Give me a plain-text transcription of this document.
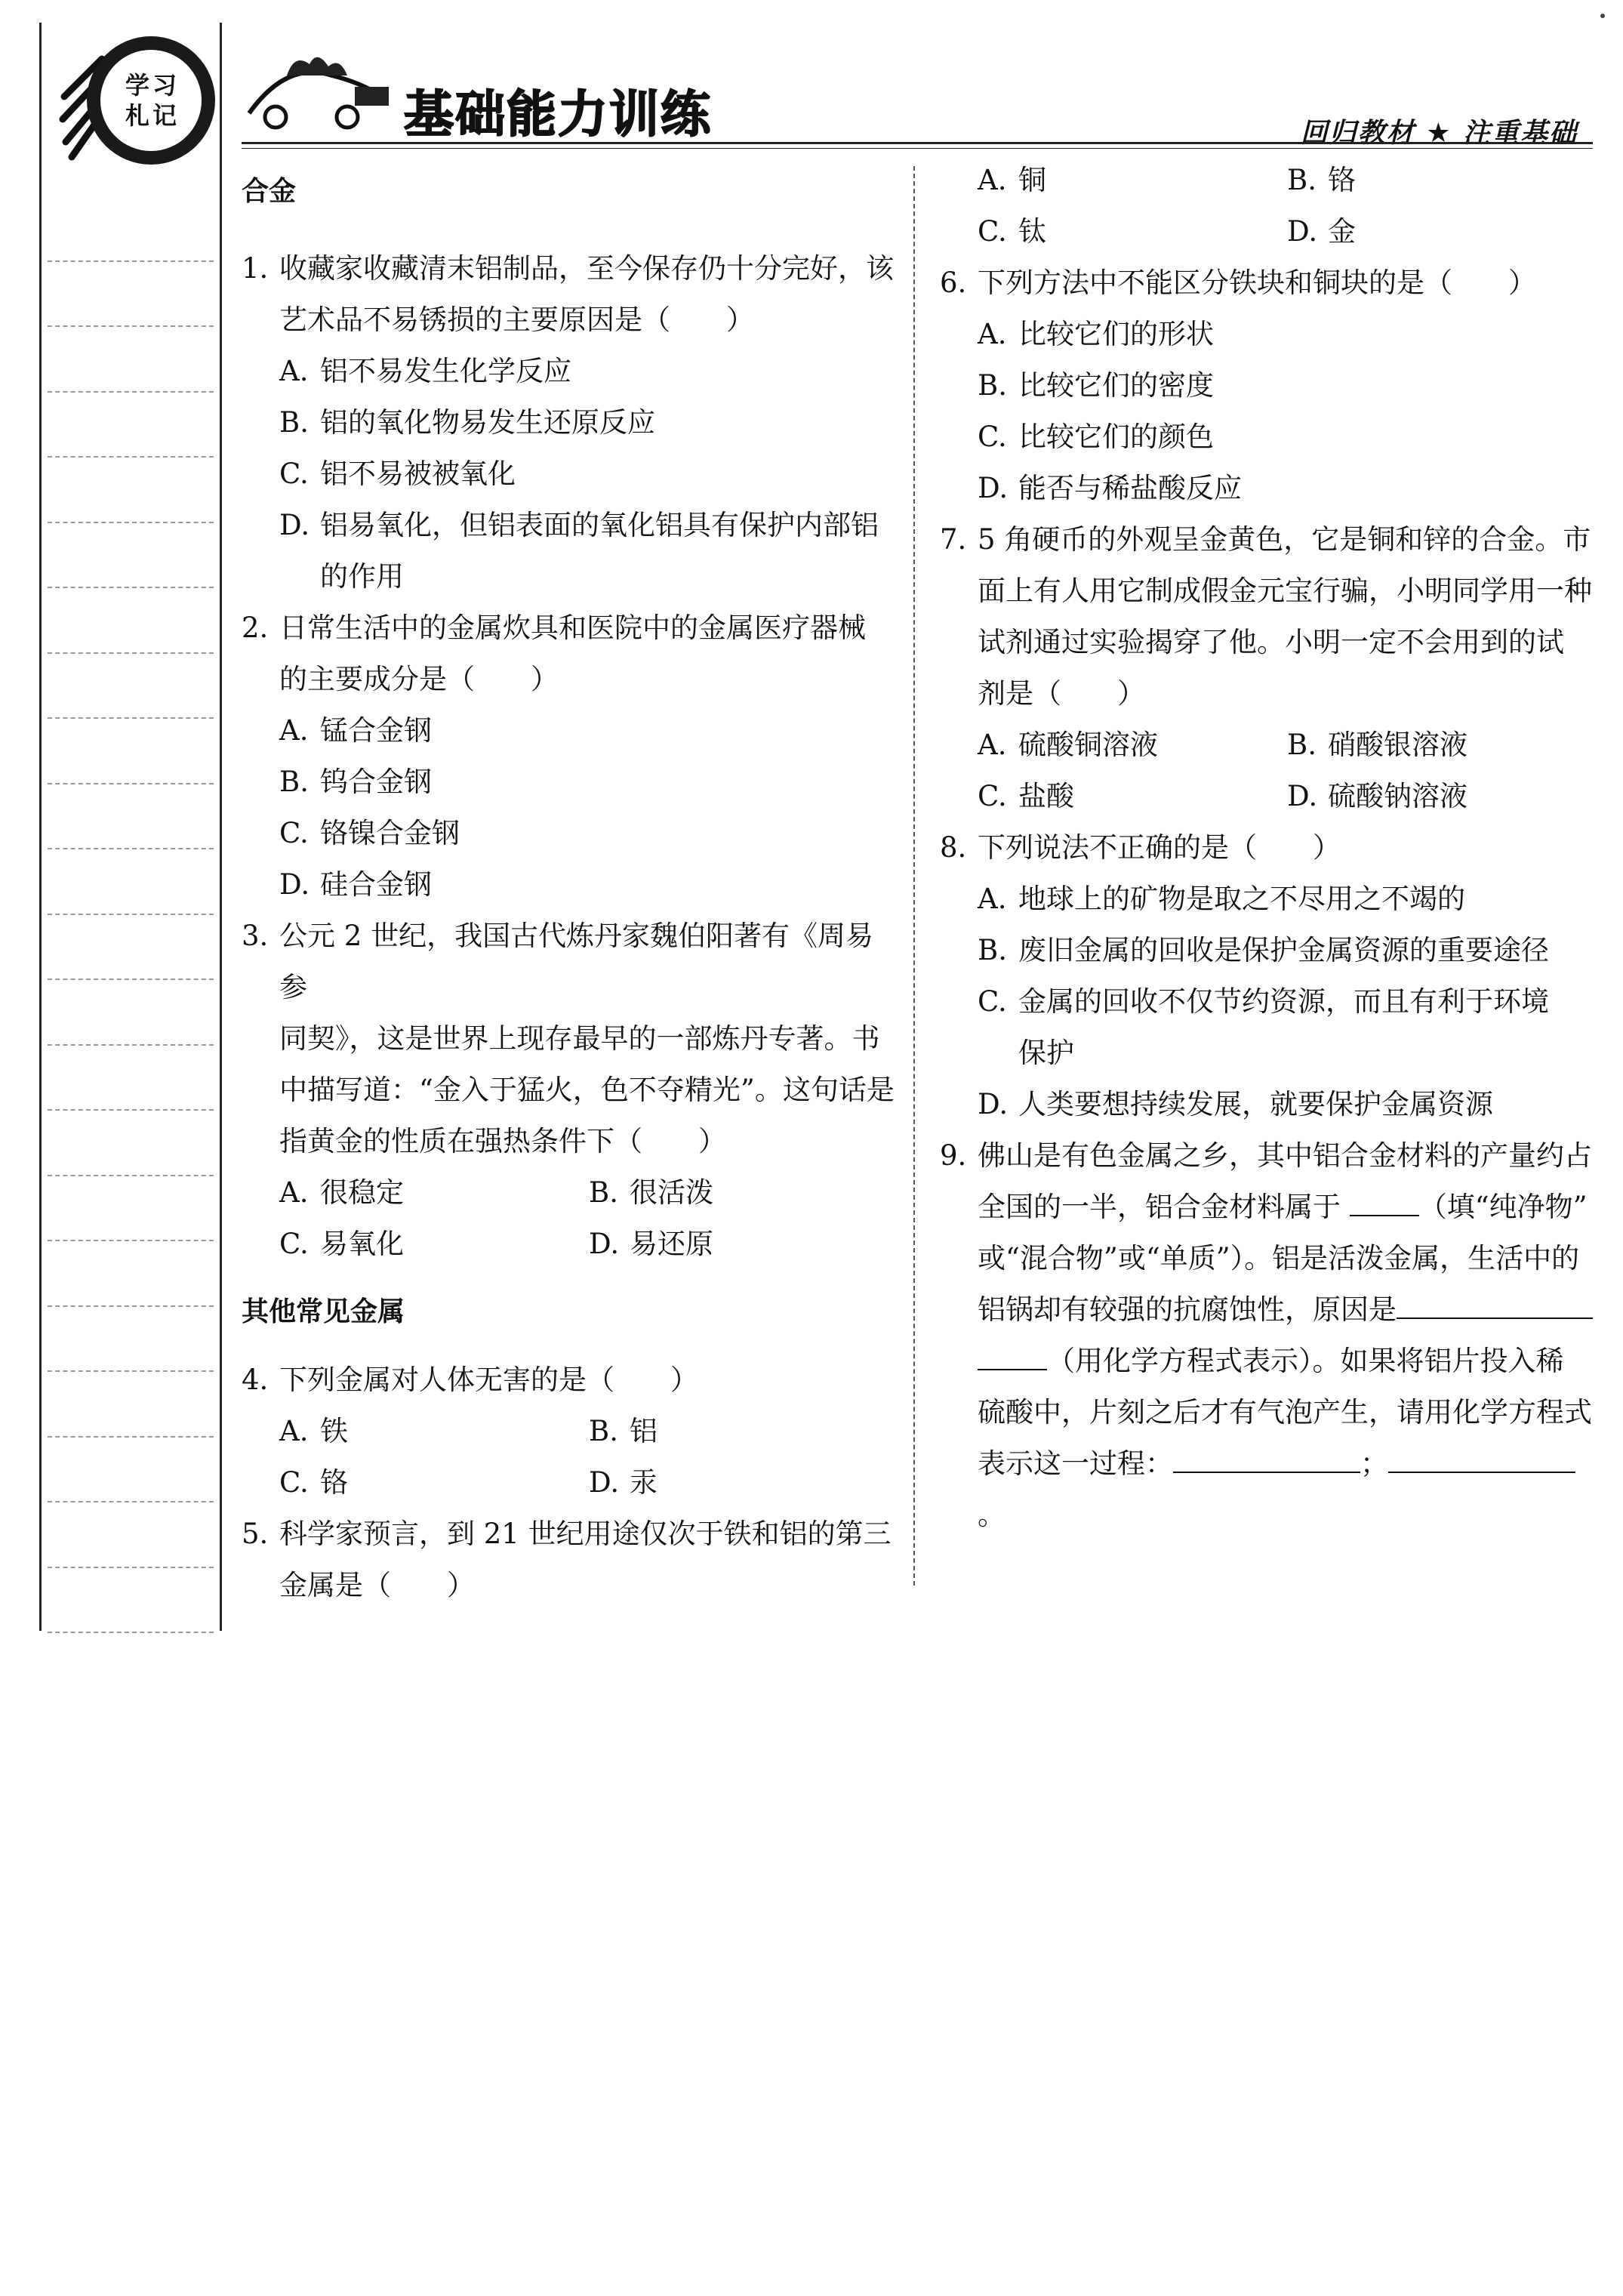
学 习
札 记	基础能力训练	回归教材 ★ 注重基础
合金
1. 收藏家收藏清末铝制品，至今保存仍十分完好，该
艺术品不易锈损的主要原因是（　　）
A. 铝不易发生化学反应
B. 铝的氧化物易发生还原反应
C. 铝不易被被氧化
D. 铝易氧化，但铝表面的氧化铝具有保护内部铝
的作用
2. 日常生活中的金属炊具和医院中的金属医疗器械
的主要成分是（　　）
A. 锰合金钢
B. 钨合金钢
C. 铬镍合金钢
D. 硅合金钢
3. 公元 2 世纪，我国古代炼丹家魏伯阳著有《周易参
同契》，这是世界上现存最早的一部炼丹专著。书
中描写道：“金入于猛火，色不夺精光”。这句话是
指黄金的性质在强热条件下（　　）
A. 很稳定	B. 很活泼
C. 易氧化	D. 易还原
其他常见金属
4. 下列金属对人体无害的是（　　）
A. 铁	B. 铝
C. 铬	D. 汞
5. 科学家预言，到 21 世纪用途仅次于铁和铝的第三
金属是（　　）
A. 铜	B. 铬
C. 钛	D. 金
6. 下列方法中不能区分铁块和铜块的是（　　）
A. 比较它们的形状
B. 比较它们的密度
C. 比较它们的颜色
D. 能否与稀盐酸反应
7. 5 角硬币的外观呈金黄色，它是铜和锌的合金。市
面上有人用它制成假金元宝行骗，小明同学用一种
试剂通过实验揭穿了他。小明一定不会用到的试
剂是（　　）
A. 硫酸铜溶液	B. 硝酸银溶液
C. 盐酸	D. 硫酸钠溶液
8. 下列说法不正确的是（　　）
A. 地球上的矿物是取之不尽用之不竭的
B. 废旧金属的回收是保护金属资源的重要途径
C. 金属的回收不仅节约资源，而且有利于环境
保护
D. 人类要想持续发展，就要保护金属资源
9. 佛山是有色金属之乡，其中铝合金材料的产量约占
全国的一半，铝合金材料属于	（填“纯净物”
或“混合物”或“单质”）。铝是活泼金属，生活中的
铝锅却有较强的抗腐蚀性，原因是
（用化学方程式表示）。如果将铝片投入稀
硫酸中，片刻之后才有气泡产生，请用化学方程式
表示这一过程：	；。
